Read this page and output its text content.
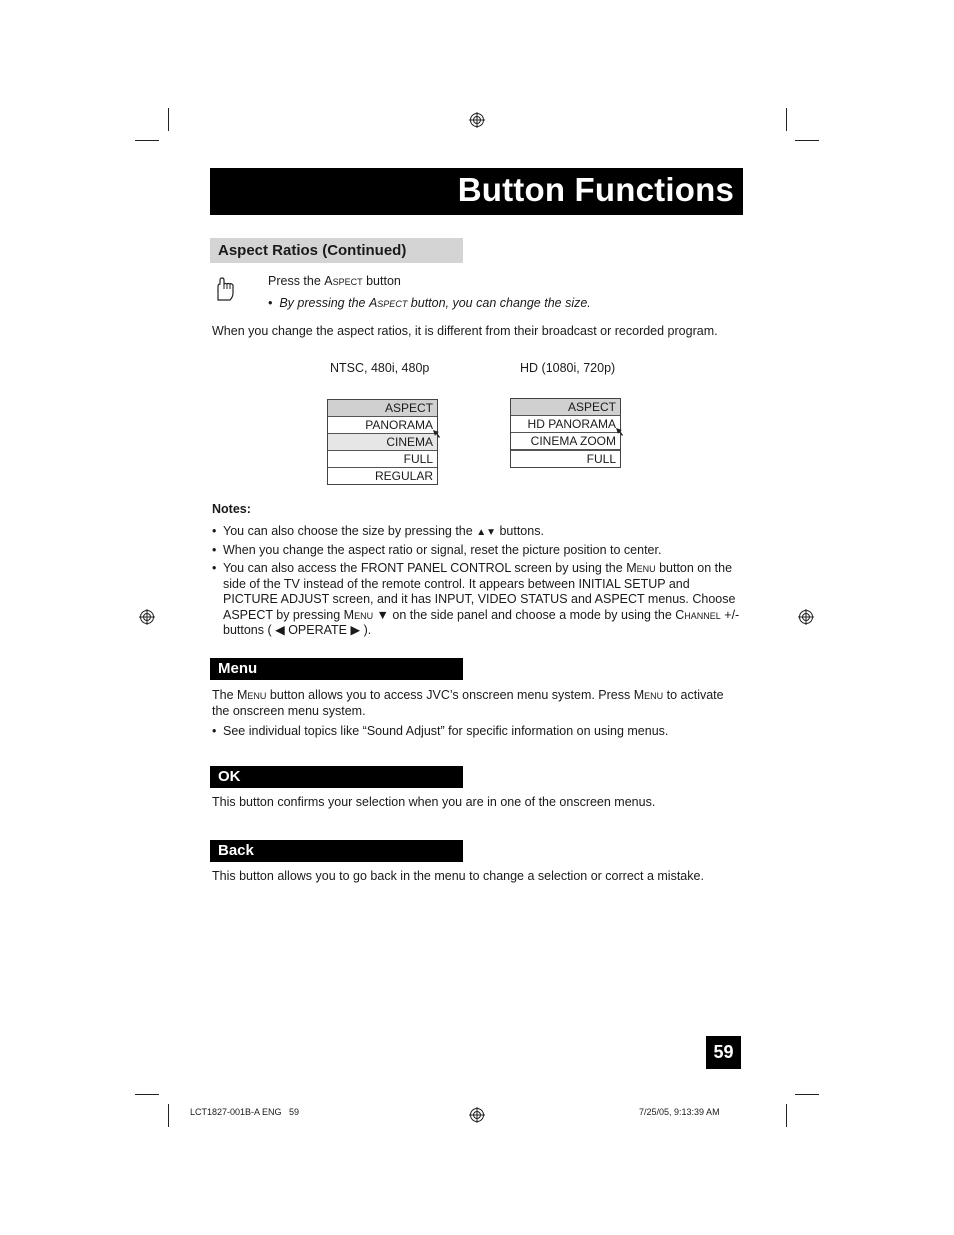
Button Functions
Aspect Ratios (Continued)
Press the Aspect button
•  By pressing the Aspect button, you can change the size.
When you change the aspect ratios, it is different from their broadcast or recorded program.
NTSC, 480i, 480p	HD (1080i, 720p)
ASPECT
PANORAMA
CINEMA
FULL
REGULAR
ASPECT
HD PANORAMA
CINEMA ZOOM
FULL
Notes:
• You can also choose the size by pressing the ▲▼ buttons.
• When you change the aspect ratio or signal, reset the picture position to center.
• You can also access the FRONT PANEL CONTROL screen by using the Menu button on the side of the TV instead of the remote control. It appears between INITIAL SETUP and PICTURE ADJUST screen, and it has INPUT, VIDEO STATUS and ASPECT menus. Choose ASPECT by pressing Menu ▼ on the side panel and choose a mode by using the Channel +/- buttons ( ◀ OPERATE ▶ ).
Menu
The Menu button allows you to access JVC’s onscreen menu system. Press Menu to activate the onscreen menu system.
• See individual topics like “Sound Adjust” for specific information on using menus.
OK
This button confirms your selection when you are in one of the onscreen menus.
Back
This button allows you to go back in the menu to change a selection or correct a mistake.
59
LCT1827-001B-A ENG   59	7/25/05, 9:13:39 AM
